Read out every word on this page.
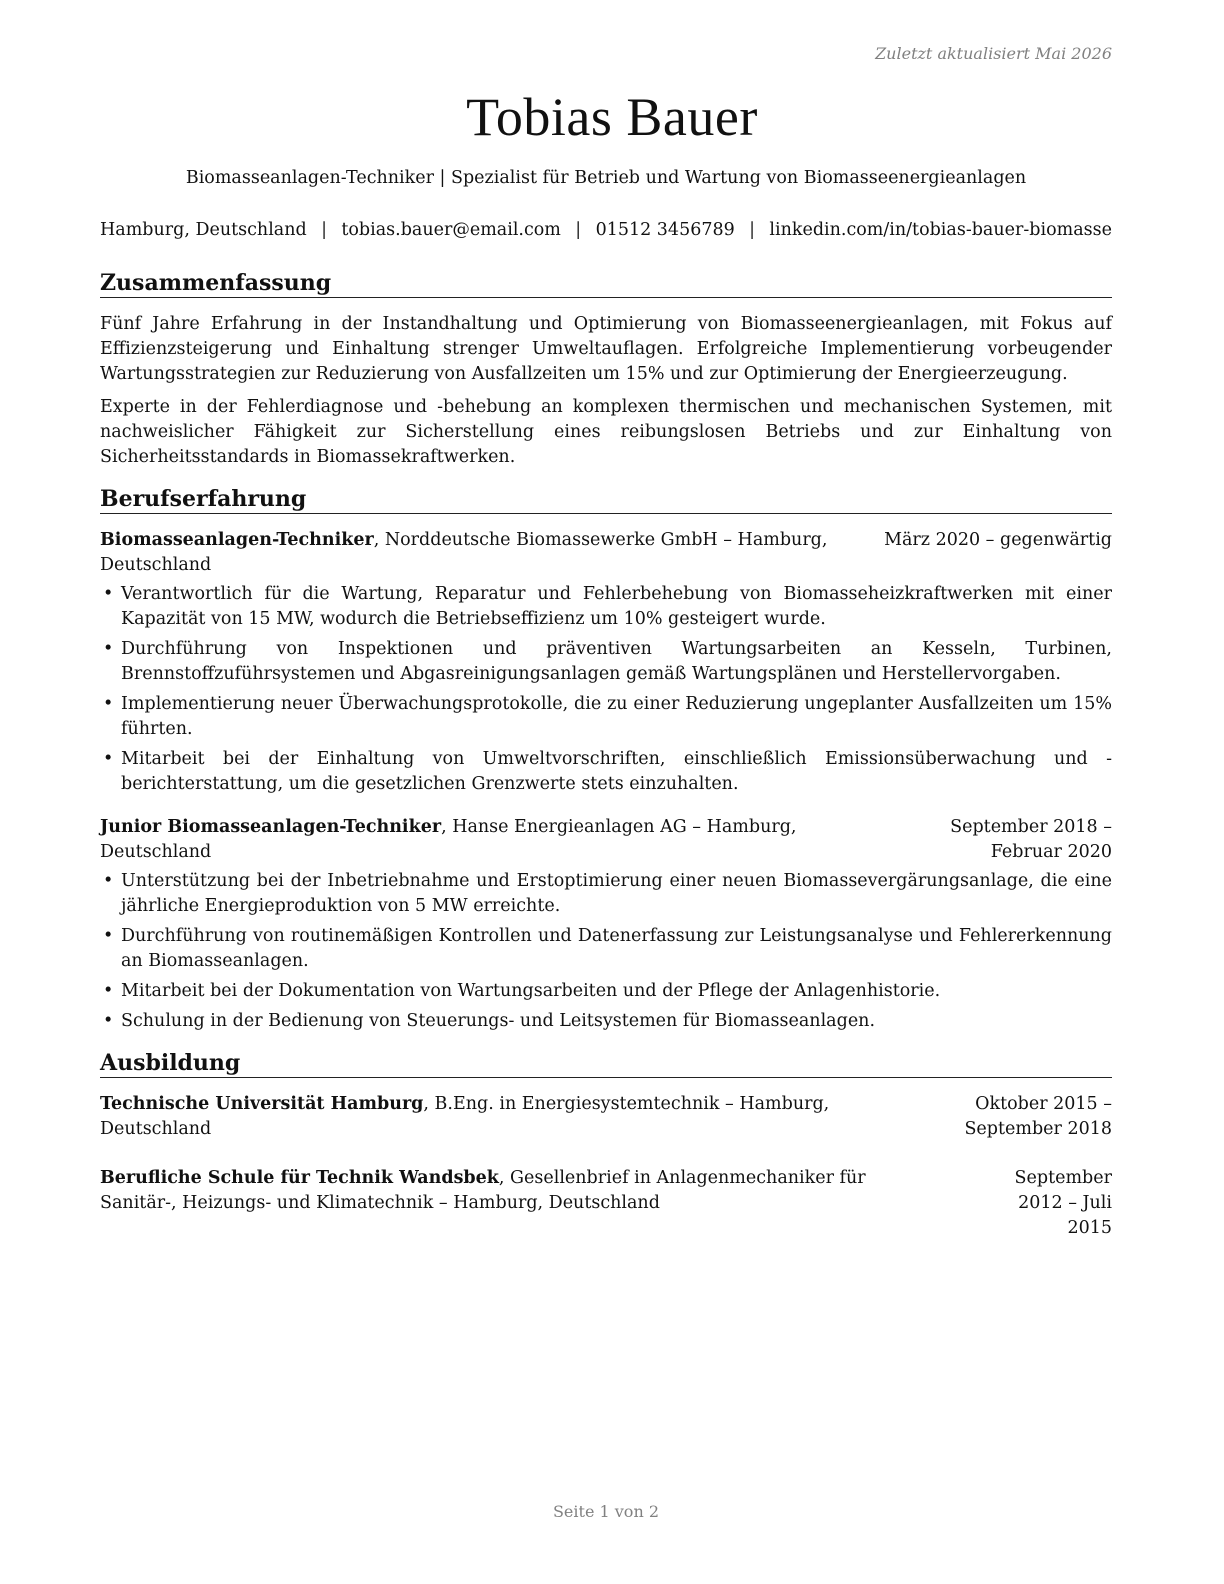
Zuletzt aktualisiert Mai 2026
Tobias Bauer
Biomasseanlagen-Techniker | Spezialist für Betrieb und Wartung von Biomasseenergieanlagen
Hamburg, Deutschland | tobias.bauer@email.com | 01512 3456789 | linkedin.com/in/tobias-bauer-biomasse
Zusammenfassung

Fünf Jahre Erfahrung in der Instandhaltung und Optimierung von Biomasseenergieanlagen, mit Fokus auf Effizienzsteigerung und Einhaltung strenger Umweltauflagen. Erfolgreiche Implementierung vorbeugender Wartungsstrategien zur Reduzierung von Ausfallzeiten um 15% und zur Optimierung der Energieerzeugung.

Experte in der Fehlerdiagnose und -behebung an komplexen thermischen und mechanischen Systemen, mit nachweislicher Fähigkeit zur Sicherstellung eines reibungslosen Betriebs und zur Einhaltung von Sicherheitsstandards in Biomassekraftwerken.

Berufserfahrung
Biomasseanlagen-Techniker, Norddeutsche Biomassewerke GmbH – Hamburg, Deutschland
März 2020 – gegenwärtig
• Verantwortlich für die Wartung, Reparatur und Fehlerbehebung von Biomasseheizkraftwerken mit einer Kapazität von 15 MW, wodurch die Betriebseffizienz um 10% gesteigert wurde.
• Durchführung von Inspektionen und präventiven Wartungsarbeiten an Kesseln, Turbinen, Brennstoffzuführsystemen und Abgasreinigungsanlagen gemäß Wartungsplänen und Herstellervorgaben.
• Implementierung neuer Überwachungsprotokolle, die zu einer Reduzierung ungeplanter Ausfallzeiten um 15% führten.
• Mitarbeit bei der Einhaltung von Umweltvorschriften, einschließlich Emissionsüberwachung und -berichterstattung, um die gesetzlichen Grenzwerte stets einzuhalten.
Junior Biomasseanlagen-Techniker, Hanse Energieanlagen AG – Hamburg, Deutschland
September 2018 – Februar 2020
• Unterstützung bei der Inbetriebnahme und Erstoptimierung einer neuen Biomassevergärungsanlage, die eine jährliche Energieproduktion von 5 MW erreichte.
• Durchführung von routinemäßigen Kontrollen und Datenerfassung zur Leistungsanalyse und Fehlererkennung an Biomasseanlagen.
• Mitarbeit bei der Dokumentation von Wartungsarbeiten und der Pflege der Anlagenhistorie.
• Schulung in der Bedienung von Steuerungs- und Leitsystemen für Biomasseanlagen.
Ausbildung
Technische Universität Hamburg, B.Eng. in Energiesystemtechnik – Hamburg, Deutschland
Oktober 2015 – September 2018
Berufliche Schule für Technik Wandsbek, Gesellenbrief in Anlagenmechaniker für Sanitär-, Heizungs- und Klimatechnik – Hamburg, Deutschland
September 2012 – Juli 2015
Seite 1 von 2
